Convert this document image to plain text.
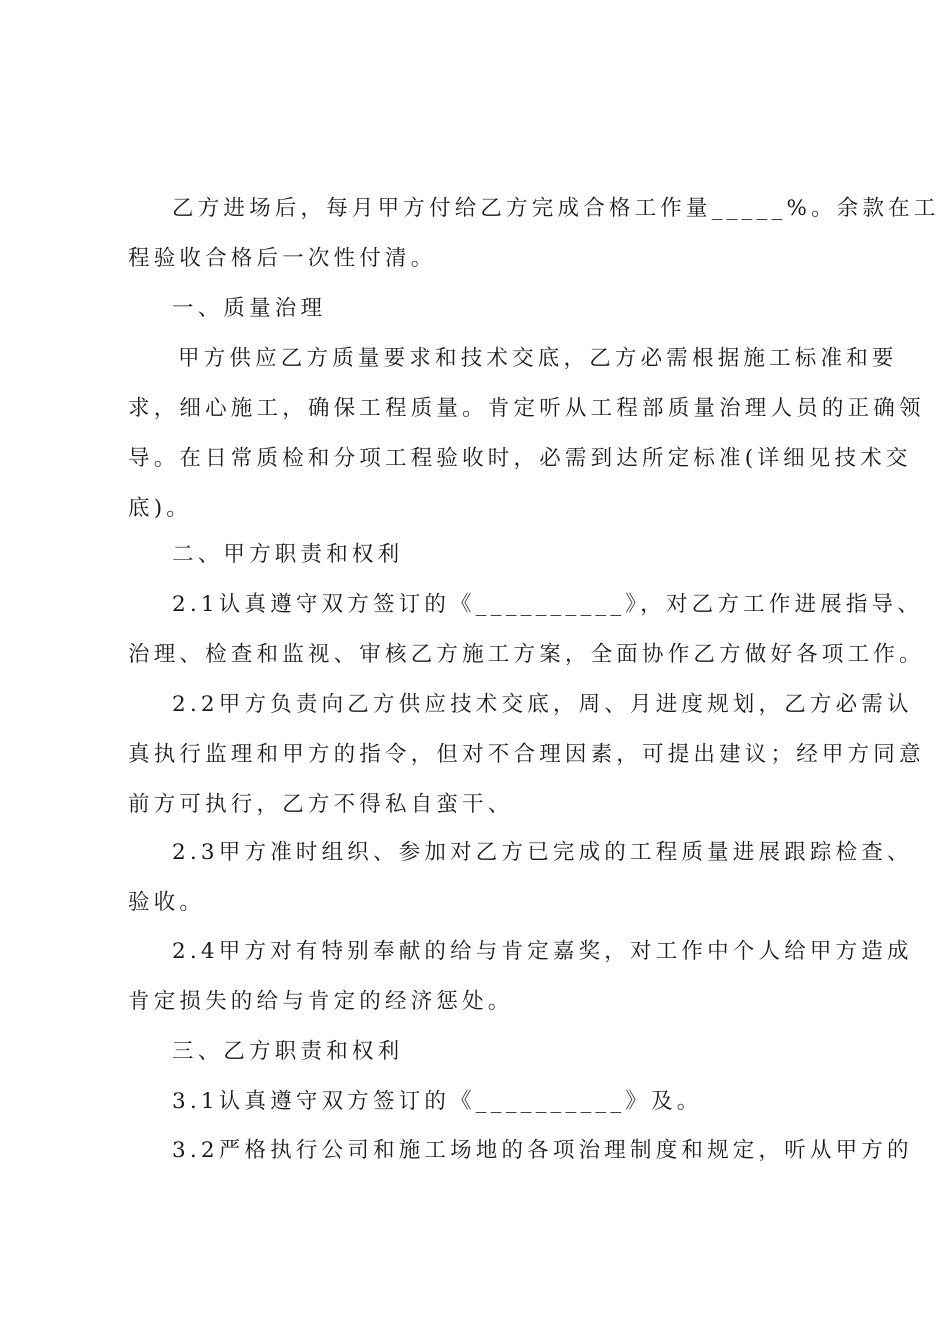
乙方进场后，每月甲方付给乙方完成合格工作量_____%。余款在工
程验收合格后一次性付清。
一、质量治理
甲方供应乙方质量要求和技术交底，乙方必需根据施工标准和要
求，细心施工，确保工程质量。肯定听从工程部质量治理人员的正确领
导。在日常质检和分项工程验收时，必需到达所定标准(详细见技术交
底)。
二、甲方职责和权利
2.1认真遵守双方签订的《__________》，对乙方工作进展指导、
治理、检查和监视、审核乙方施工方案，全面协作乙方做好各项工作。
2.2甲方负责向乙方供应技术交底，周、月进度规划，乙方必需认
真执行监理和甲方的指令，但对不合理因素，可提出建议；经甲方同意
前方可执行，乙方不得私自蛮干、
2.3甲方准时组织、参加对乙方已完成的工程质量进展跟踪检查、
验收。
2.4甲方对有特别奉献的给与肯定嘉奖，对工作中个人给甲方造成
肯定损失的给与肯定的经济惩处。
三、乙方职责和权利
3.1认真遵守双方签订的《__________》及。
3.2严格执行公司和施工场地的各项治理制度和规定，听从甲方的
